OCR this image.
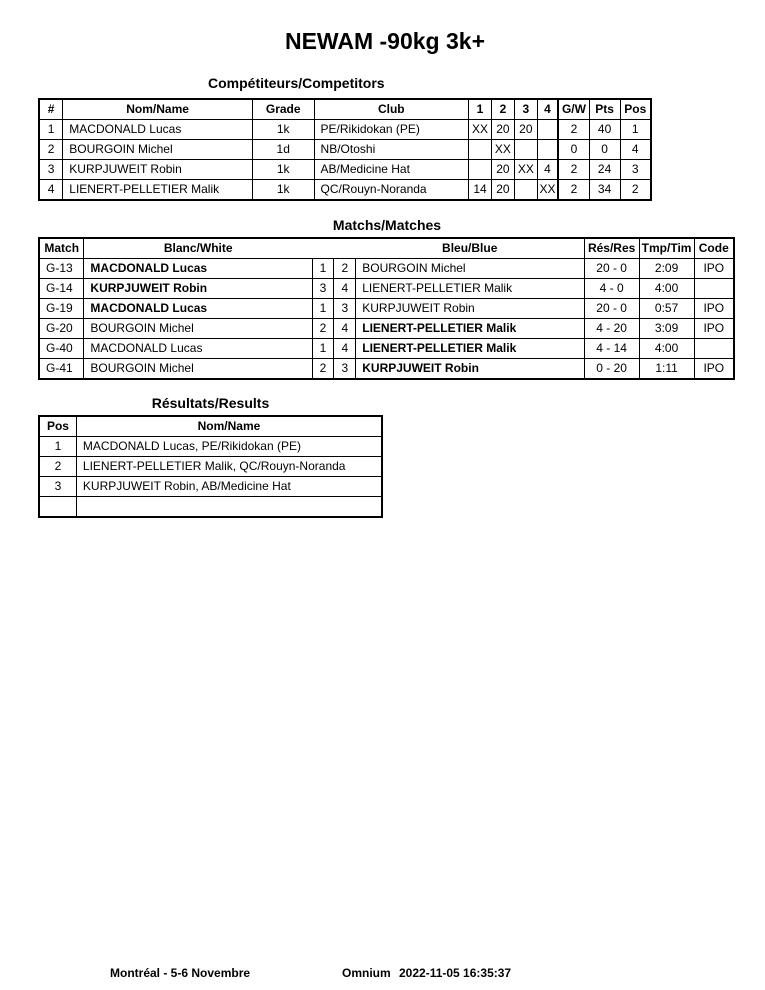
NEWAM -90kg 3k+
Compétiteurs/Competitors
#	Nom/Name	Grade	Club	1	2	3	4	G/W	Pts	Pos
1	MACDONALD Lucas	1k	PE/Rikidokan (PE)	XX	20	20		2	40	1
2	BOURGOIN Michel	1d	NB/Otoshi		XX			0	0	4
3	KURPJUWEIT Robin	1k	AB/Medicine Hat		20	XX	4	2	24	3
4	LIENERT-PELLETIER Malik	1k	QC/Rouyn-Noranda	14	20		XX	2	34	2
Matchs/Matches
Match	Blanc/White			Bleu/Blue	Rés/Res	Tmp/Tim	Code
G-13	MACDONALD Lucas	1	2	BOURGOIN Michel	20 - 0	2:09	IPO
G-14	KURPJUWEIT Robin	3	4	LIENERT-PELLETIER Malik	4 - 0	4:00	
G-19	MACDONALD Lucas	1	3	KURPJUWEIT Robin	20 - 0	0:57	IPO
G-20	BOURGOIN Michel	2	4	LIENERT-PELLETIER Malik	4 - 20	3:09	IPO
G-40	MACDONALD Lucas	1	4	LIENERT-PELLETIER Malik	4 - 14	4:00	
G-41	BOURGOIN Michel	2	3	KURPJUWEIT Robin	0 - 20	1:11	IPO
Résultats/Results
Pos	Nom/Name
1	MACDONALD Lucas, PE/Rikidokan (PE)
2	LIENERT-PELLETIER Malik, QC/Rouyn-Noranda
3	KURPJUWEIT Robin, AB/Medicine Hat

Montréal - 5-6 Novembre	Omnium 2022-11-05 16:35:37
